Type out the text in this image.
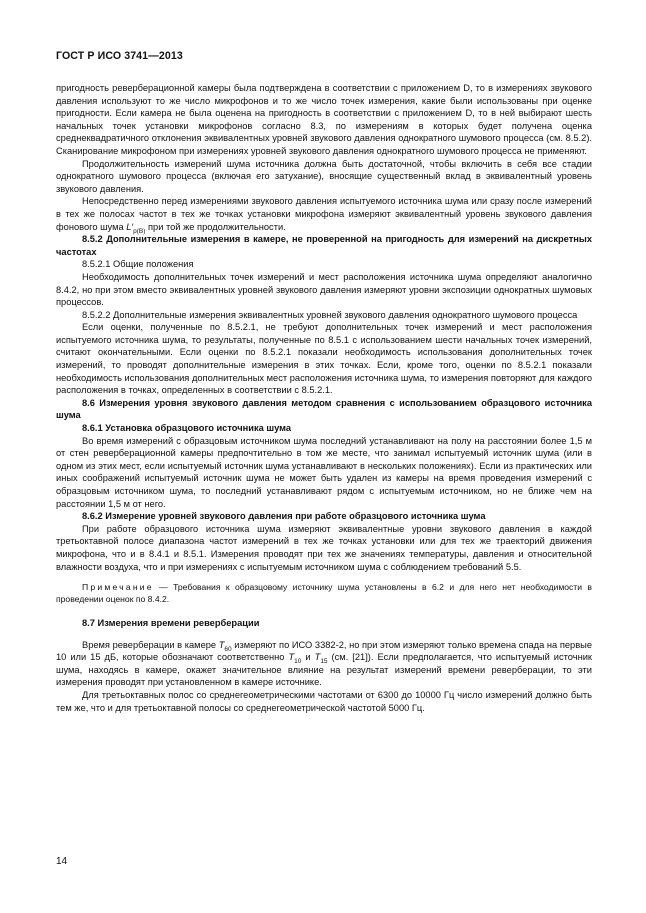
ГОСТ Р ИСО 3741—2013

пригодность реверберационной камеры была подтверждена в соответствии с приложением D, то в измерениях звукового давления используют то же число микрофонов и то же число точек измерения, какие были использованы при оценке пригодности. Если камера не была оценена на пригодность в соответствии с приложением D, то в ней выбирают шесть начальных точек установки микрофонов согласно 8.3, по измерениям в которых будет получена оценка среднеквадратичного отклонения эквивалентных уровней звукового давления однократного шумового процесса (см. 8.5.2). Сканирование микрофоном при измерениях уровней звукового давления однократного шумового процесса не применяют.

Продолжительность измерений шума источника должна быть достаточной, чтобы включить в себя все стадии однократного шумового процесса (включая его затухание), вносящие существенный вклад в эквивалентный уровень звукового давления.

Непосредственно перед измерениями звукового давления испытуемого источника шума или сразу после измерений в тех же полосах частот в тех же точках установки микрофона измеряют эквивалентный уровень звукового давления фонового шума $L'_{p(B)}$ при той же продолжительности.

8.5.2 Дополнительные измерения в камере, не проверенной на пригодность для измерений на дискретных частотах

8.5.2.1 Общие положения

Необходимость дополнительных точек измерений и мест расположения источника шума определяют аналогично 8.4.2, но при этом вместо эквивалентных уровней звукового давления измеряют уровни экспозиции однократных шумовых процессов.

8.5.2.2 Дополнительные измерения эквивалентных уровней звукового давления однократного шумового процесса

Если оценки, полученные по 8.5.2.1, не требуют дополнительных точек измерений и мест расположения испытуемого источника шума, то результаты, полученные по 8.5.1 с использованием шести начальных точек измерений, считают окончательными. Если оценки по 8.5.2.1 показали необходимость использования дополнительных точек измерений, то проводят дополнительные измерения в этих точках. Если, кроме того, оценки по 8.5.2.1 показали необходимость использования дополнительных мест расположения источника шума, то измерения повторяют для каждого расположения в точках, определенных в соответствии с 8.5.2.1.

8.6 Измерения уровня звукового давления методом сравнения с использованием образцового источника шума

8.6.1 Установка образцового источника шума

Во время измерений с образцовым источником шума последний устанавливают на полу на расстоянии более 1,5 м от стен реверберационной камеры предпочтительно в том же месте, что занимал испытуемый источник шума (или в одном из этих мест, если испытуемый источник шума устанавливают в нескольких положениях). Если из практических или иных соображений испытуемый источник шума не может быть удален из камеры на время проведения измерений с образцовым источником шума, то последний устанавливают рядом с испытуемым источником, но не ближе чем на расстоянии 1,5 м от него.

8.6.2 Измерение уровней звукового давления при работе образцового источника шума

При работе образцового источника шума измеряют эквивалентные уровни звукового давления в каждой третьоктавной полосе диапазона частот измерений в тех же точках установки или для тех же траекторий движения микрофона, что и в 8.4.1 и 8.5.1. Измерения проводят при тех же значениях температуры, давления и относительной влажности воздуха, что и при измерениях с испытуемым источником шума с соблюдением требований 5.5.

Примечание — Требования к образцовому источнику шума установлены в 6.2 и для него нет необходимости в проведении оценок по 8.4.2.

8.7 Измерения времени реверберации

Время реверберации в камере $T_{60}$ измеряют по ИСО 3382-2, но при этом измеряют только времена спада на первые 10 или 15 дБ, которые обозначают соответственно $T_{10}$ и $T_{15}$ (см. [21]). Если предполагается, что испытуемый источник шума, находясь в камере, окажет значительное влияние на результат измерений времени реверберации, то эти измерения проводят при установленном в камере источнике.

Для третьоктавных полос со среднегеометрическими частотами от 6300 до 10000 Гц число измерений должно быть тем же, что и для третьоктавной полосы со среднегеометрической частотой 5000 Гц.

14
